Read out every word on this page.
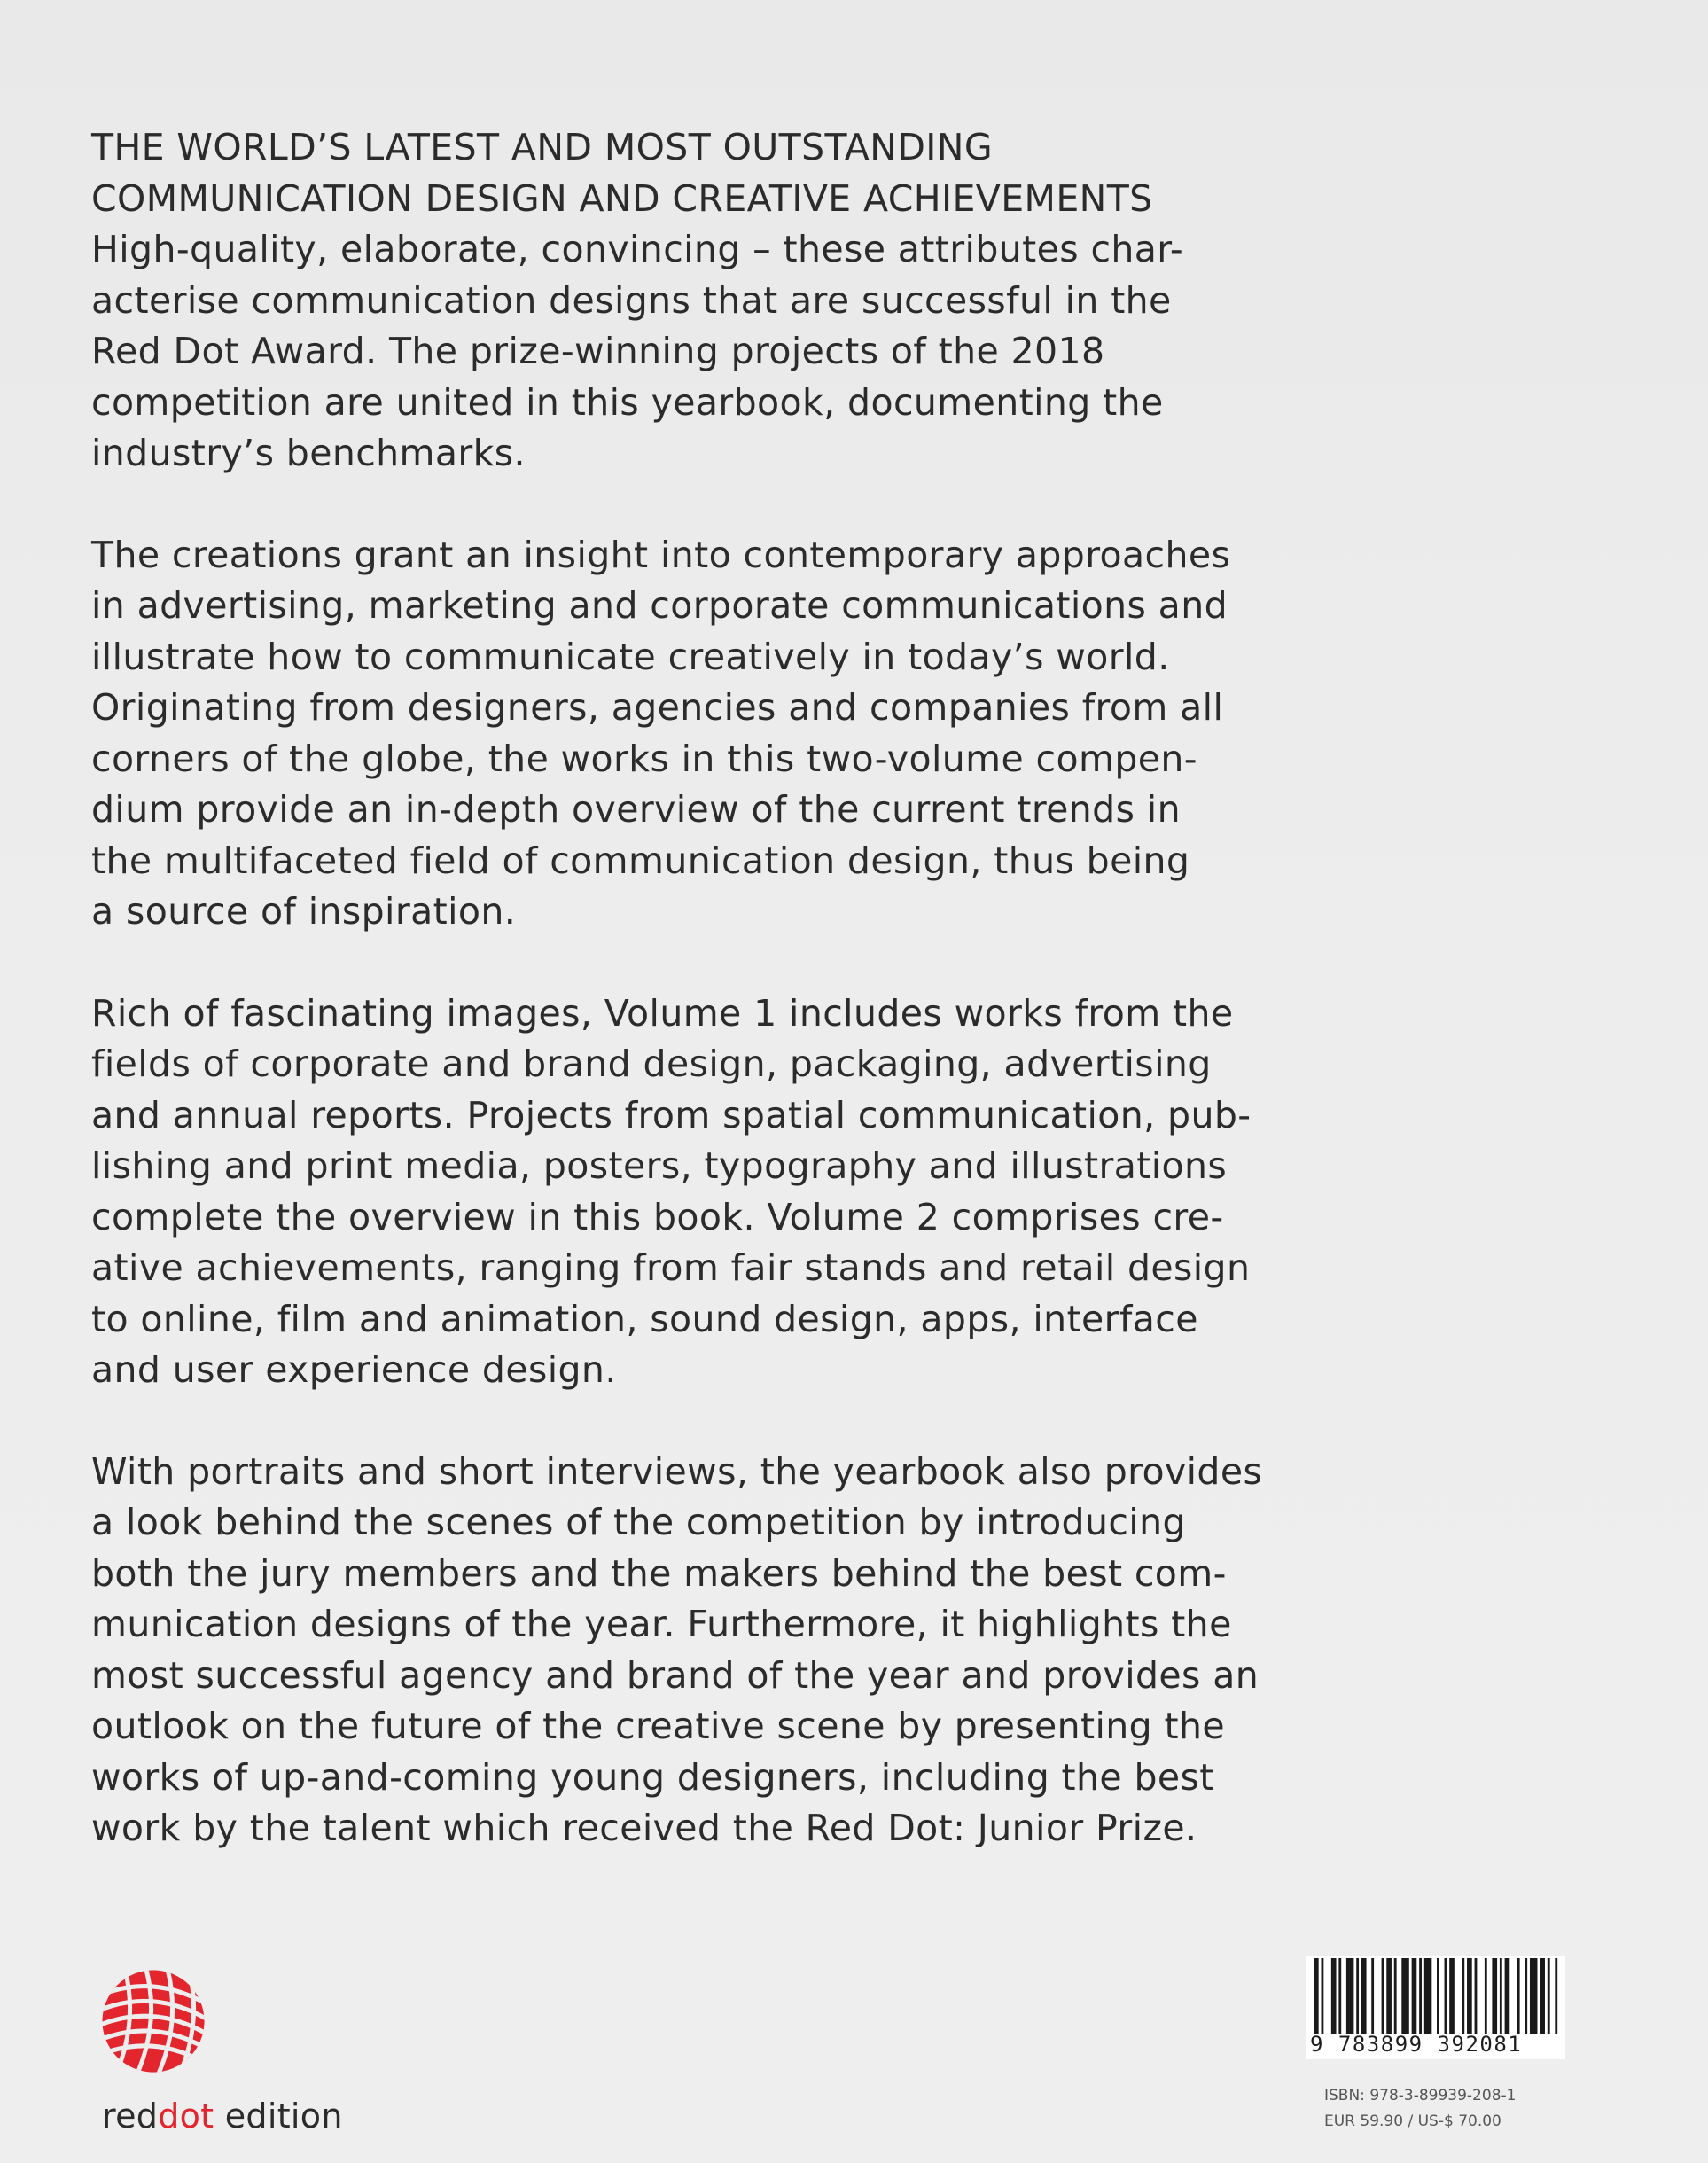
THE WORLD’S LATEST AND MOST OUTSTANDING
COMMUNICATION DESIGN AND CREATIVE ACHIEVEMENTS

High-quality, elaborate, convincing – these attributes char-
acterise communication designs that are successful in the
Red Dot Award. The prize-winning projects of the 2018
competition are united in this yearbook, documenting the
industry’s benchmarks.

The creations grant an insight into contemporary approaches
in advertising, marketing and corporate communications and
illustrate how to communicate creatively in today’s world.
Originating from designers, agencies and companies from all
corners of the globe, the works in this two-volume compen-
dium provide an in-depth overview of the current trends in
the multifaceted field of communication design, thus being
a source of inspiration.

Rich of fascinating images, Volume 1 includes works from the
fields of corporate and brand design, packaging, advertising
and annual reports. Projects from spatial communication, pub-
lishing and print media, posters, typography and illustrations
complete the overview in this book. Volume 2 comprises cre-
ative achievements, ranging from fair stands and retail design
to online, film and animation, sound design, apps, interface
and user experience design.

With portraits and short interviews, the yearbook also provides
a look behind the scenes of the competition by introducing
both the jury members and the makers behind the best com-
munication designs of the year. Furthermore, it highlights the
most successful agency and brand of the year and provides an
outlook on the future of the creative scene by presenting the
works of up-and-coming young designers, including the best
work by the talent which received the Red Dot: Junior Prize.

reddot edition
9 783899 392081
ISBN: 978-3-89939-208-1
EUR 59.90 / US-$ 70.00
